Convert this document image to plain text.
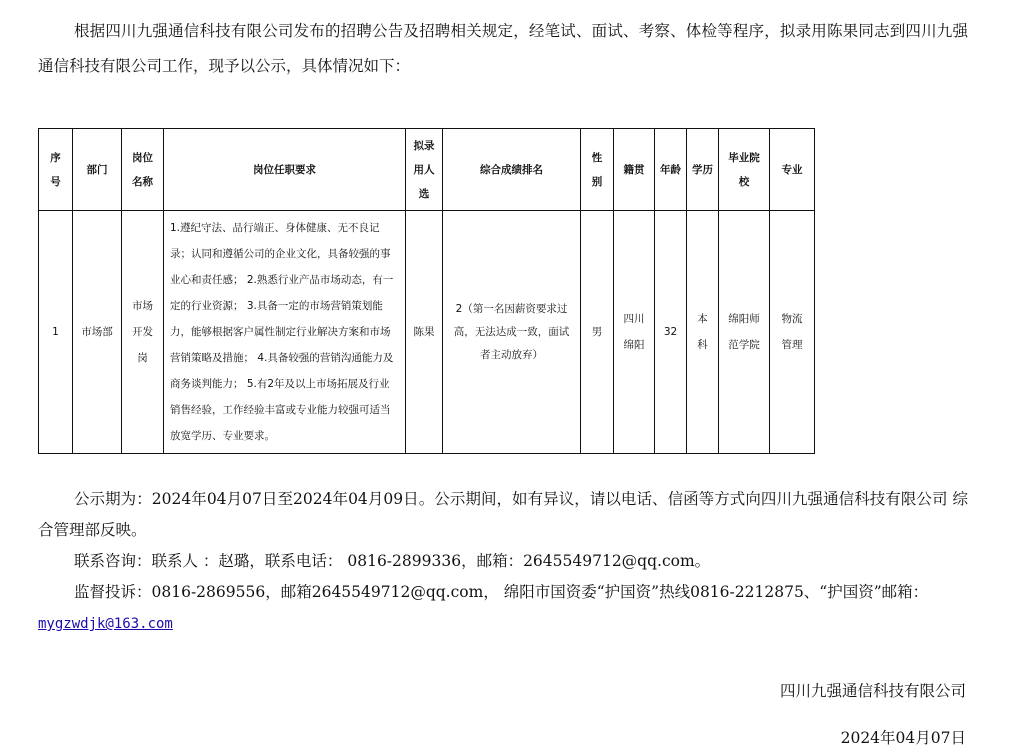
根据四川九强通信科技有限公司发布的招聘公告及招聘相关规定，经笔试、面试、考察、体检等程序，拟录用陈果同志到四川九强通信科技有限公司工作，现予以公示，具体情况如下：

序号	部门	岗位名称	岗位任职要求	拟录用人选	综合成绩排名	性别	籍贯	年龄	学历	毕业院校	专业
1	市场部	市场开发岗	1.遵纪守法、品行端正、身体健康、无不良记录；认同和遵循公司的企业文化，具备较强的事业心和责任感； 2.熟悉行业产品市场动态，有一定的行业资源； 3.具备一定的市场营销策划能力，能够根据客户属性制定行业解决方案和市场营销策略及措施； 4.具备较强的营销沟通能力及商务谈判能力； 5.有2年及以上市场拓展及行业销售经验，工作经验丰富或专业能力较强可适当放宽学历、专业要求。	陈果	2（第一名因薪资要求过高，无法达成一致，面试者主动放弃）	男	四川绵阳	32	本科	绵阳师范学院	物流管理

公示期为：2024年04月07日至2024年04月09日。公示期间，如有异议，请以电话、信函等方式向四川九强通信科技有限公司 综合管理部反映。

联系咨询：联系人 ：赵璐，联系电话： 0816-2899336，邮箱：2645549712@qq.com。

监督投诉：0816-2869556，邮箱2645549712@qq.com， 绵阳市国资委“护国资”热线0816-2212875、“护国资”邮箱：

mygzwdjk@163.com

四川九强通信科技有限公司
2024年04月07日
